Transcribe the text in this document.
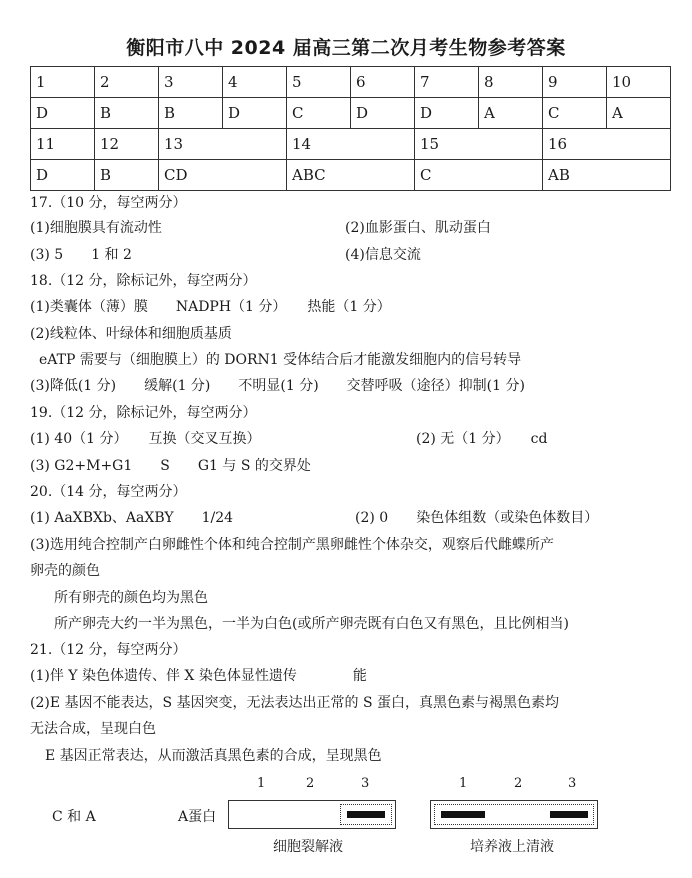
衡阳市八中 2024 届高三第二次月考生物参考答案
1	2	3	4	5	6	7	8	9	10
D	B	B	D	C	D	D	A	C	A
11	12	13		14		15		16	
D	B	CD		ABC		C		AB	
17.（10 分，每空两分）
(1)细胞膜具有流动性	(2)血影蛋白、肌动蛋白
(3) 5　　1 和 2	(4)信息交流
18.（12 分，除标记外，每空两分）
(1)类囊体（薄）膜　　NADPH（1 分）　　热能（1 分）
(2)线粒体、叶绿体和细胞质基质
eATP 需要与（细胞膜上）的 DORN1 受体结合后才能激发细胞内的信号转导
(3)降低(1 分)　　缓解(1 分)　　不明显(1 分)　　交替呼吸（途径）抑制(1 分)
19.（12 分，除标记外，每空两分）
(1) 40（1 分）　　互换（交叉互换）	(2) 无（1 分）　　cd
(3) G2+M+G1　　S　　G1 与 S 的交界处
20.（14 分，每空两分）
(1) AaXBXb、AaXBY　　1/24	(2) 0　　染色体组数（或染色体数目）
(3)选用纯合控制产白卵雌性个体和纯合控制产黑卵雌性个体杂交，观察后代雌蝶所产
卵壳的颜色
所有卵壳的颜色均为黑色
所产卵壳大约一半为黑色，一半为白色(或所产卵壳既有白色又有黑色，且比例相当)
21.（12 分，每空两分）
(1)伴 Y 染色体遗传、伴 X 染色体显性遗传　　　　能
(2)E 基因不能表达，S 基因突变，无法表达出正常的 S 蛋白，真黑色素与褐黑色素均
无法合成，呈现白色
E 基因正常表达，从而激活真黑色素的合成，呈现黑色
1	2	3	1	2	3
C 和 A	A蛋白
细胞裂解液	培养液上清液
